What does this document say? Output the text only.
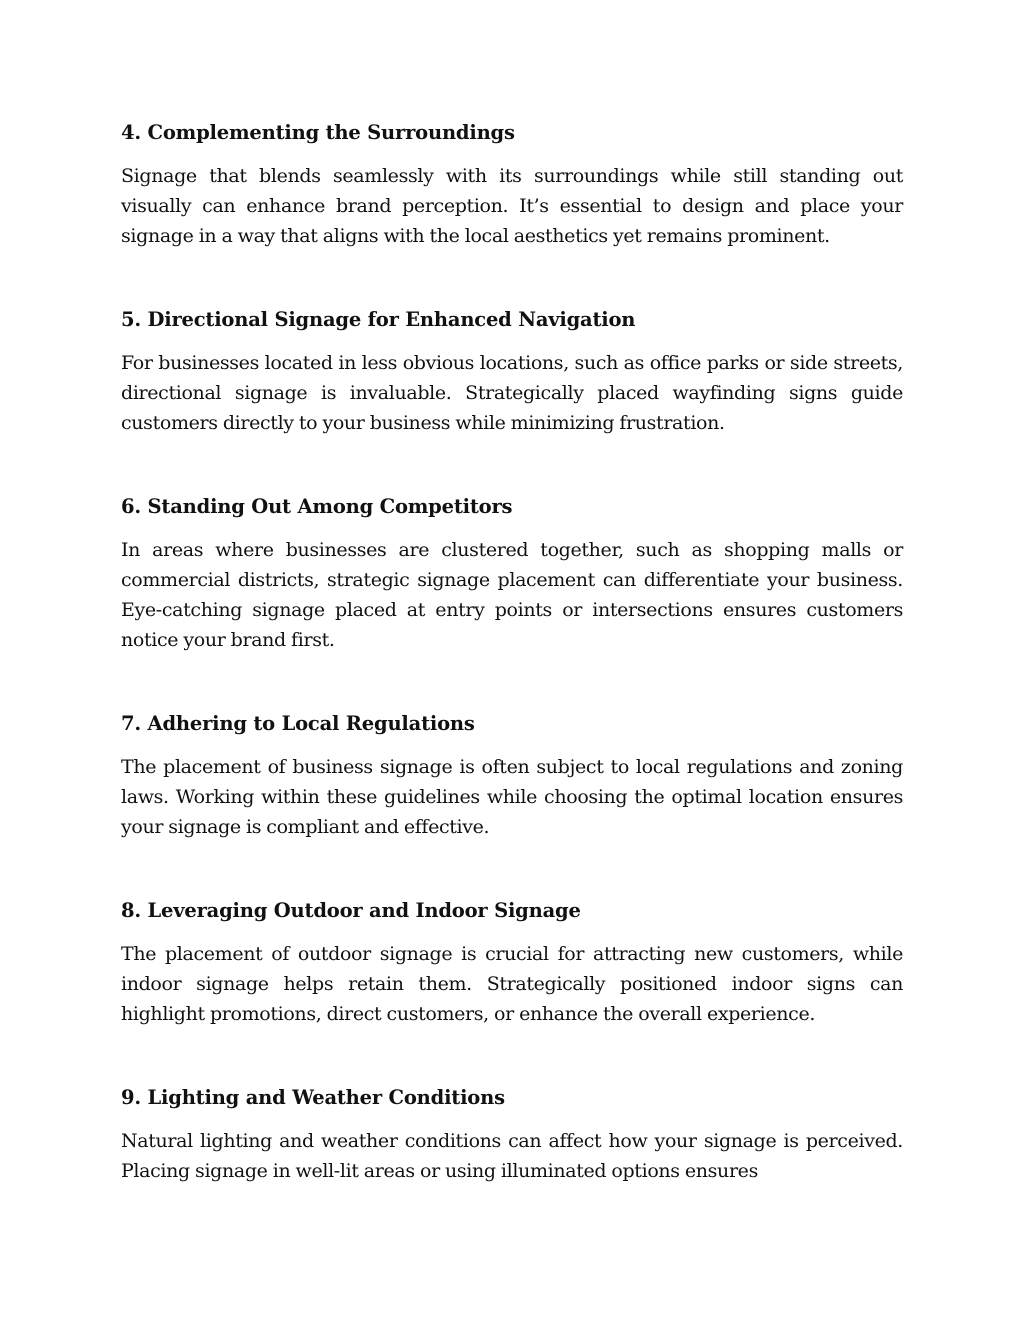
4. Complementing the Surroundings

Signage that blends seamlessly with its surroundings while still standing out visually can enhance brand perception. It’s essential to design and place your signage in a way that aligns with the local aesthetics yet remains prominent.

5. Directional Signage for Enhanced Navigation

For businesses located in less obvious locations, such as office parks or side streets, directional signage is invaluable. Strategically placed wayfinding signs guide customers directly to your business while minimizing frustration.

6. Standing Out Among Competitors

In areas where businesses are clustered together, such as shopping malls or commercial districts, strategic signage placement can differentiate your business. Eye-catching signage placed at entry points or intersections ensures customers notice your brand first.

7. Adhering to Local Regulations

The placement of business signage is often subject to local regulations and zoning laws. Working within these guidelines while choosing the optimal location ensures your signage is compliant and effective.

8. Leveraging Outdoor and Indoor Signage

The placement of outdoor signage is crucial for attracting new customers, while indoor signage helps retain them. Strategically positioned indoor signs can highlight promotions, direct customers, or enhance the overall experience.

9. Lighting and Weather Conditions

Natural lighting and weather conditions can affect how your signage is perceived. Placing signage in well-lit areas or using illuminated options ensures
